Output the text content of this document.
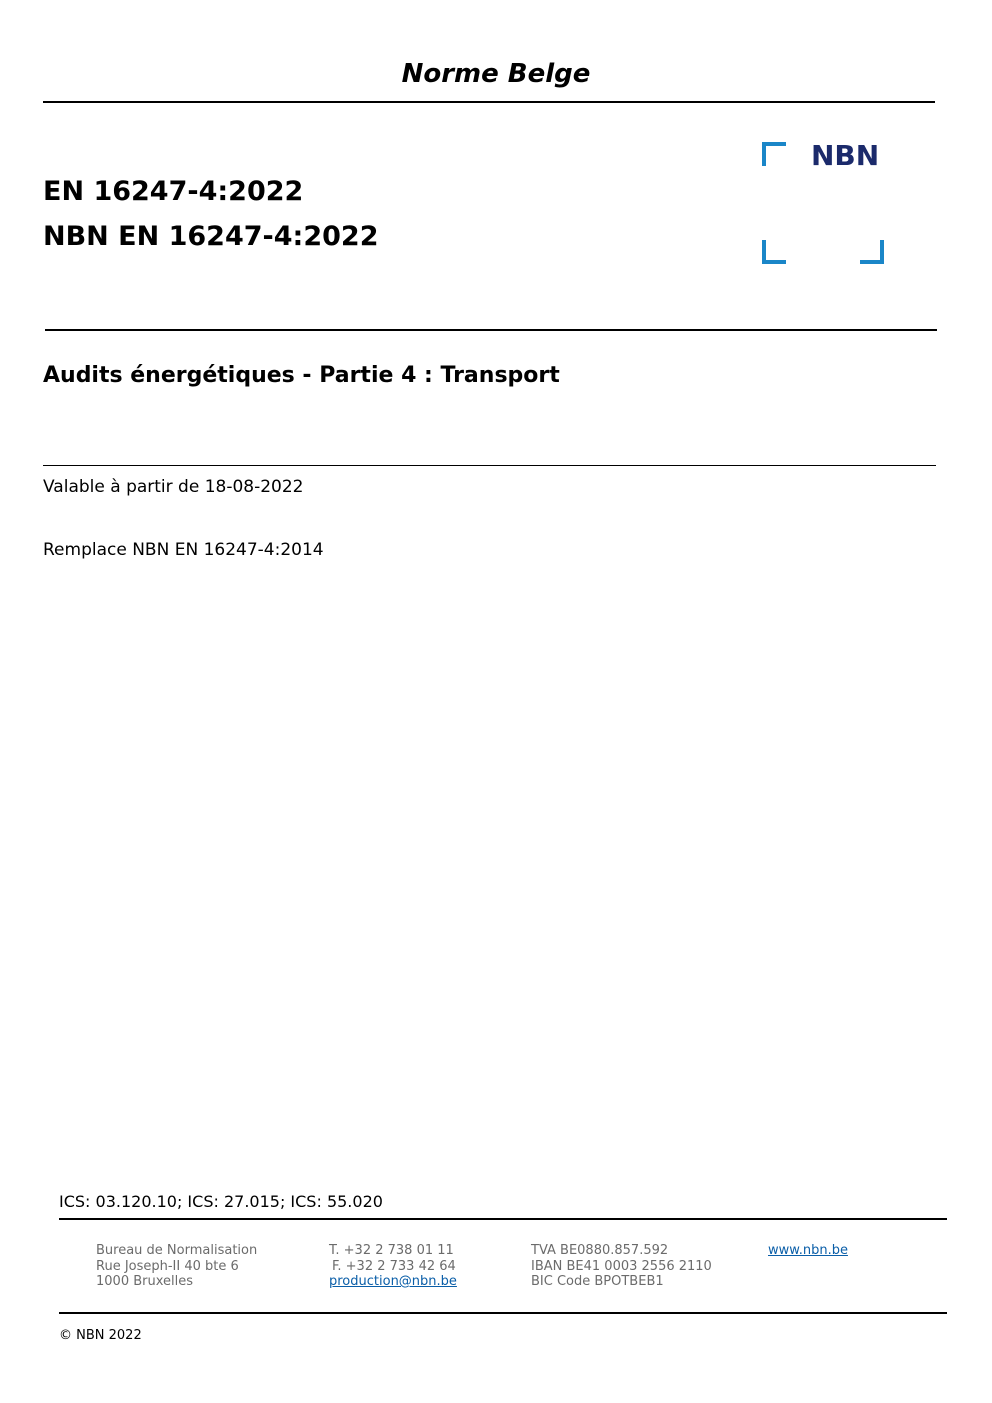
Norme Belge
EN 16247-4:2022
NBN EN 16247-4:2022
NBN
Audits énergétiques - Partie 4 : Transport
Valable à partir de 18-08-2022
Remplace NBN EN 16247-4:2014
ICS: 03.120.10; ICS: 27.015; ICS: 55.020
Bureau de Normalisation
Rue Joseph-II 40 bte 6
1000 Bruxelles
T. +32 2 738 01 11
F. +32 2 733 42 64
production@nbn.be
TVA BE0880.857.592
IBAN BE41 0003 2556 2110
BIC Code BPOTBEB1
www.nbn.be
© NBN 2022
